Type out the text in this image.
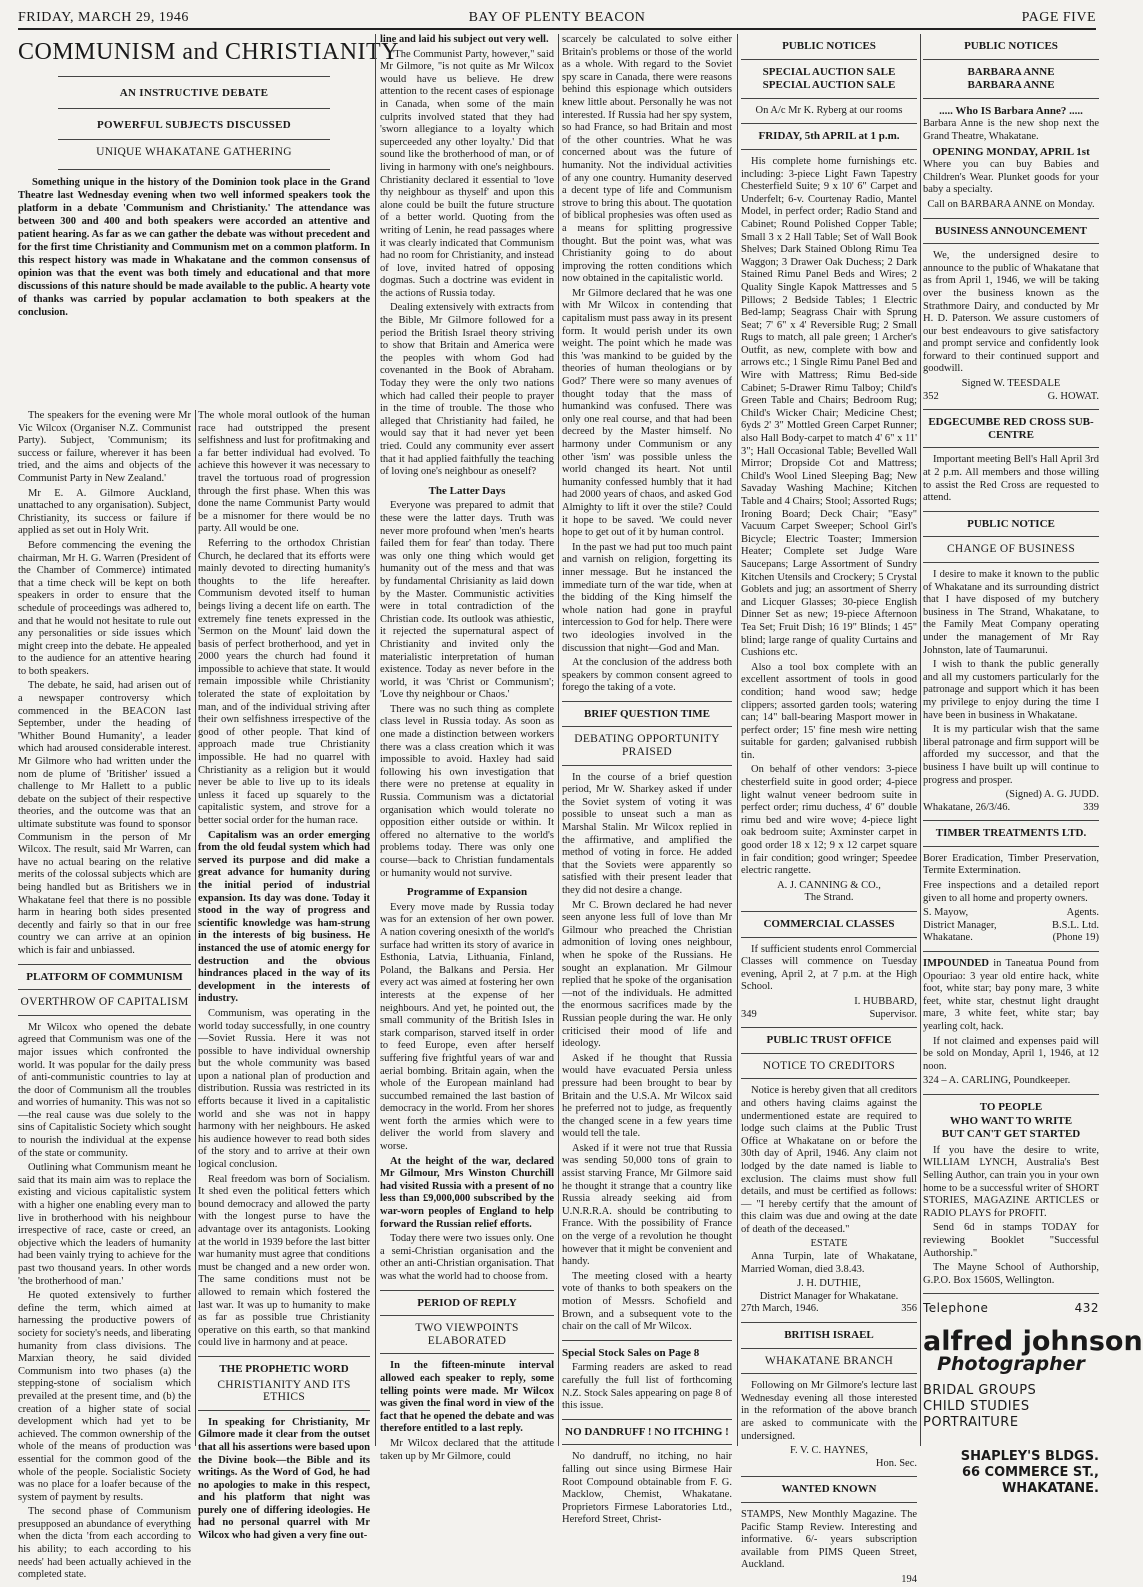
FRIDAY, MARCH 29, 1946	BAY OF PLENTY BEACON	PAGE FIVE
COMMUNISM and CHRISTIANITY
AN INSTRUCTIVE DEBATE
POWERFUL SUBJECTS DISCUSSED
UNIQUE WHAKATANE GATHERING
Something unique in the history of the Dominion took place in the Grand Theatre last Wednesday evening when two well informed speakers took the platform in a debate 'Communism and Christianity.' The attendance was between 300 and 400 and both speakers were accorded an attentive and patient hearing. As far as we can gather the debate was without precedent and for the first time Christianity and Communism met on a common platform. In this respect history was made in Whakatane and the common consensus of opinion was that the event was both timely and educational and that more discussions of this nature should be made available to the public. A hearty vote of thanks was carried by popular acclamation to both speakers at the conclusion.

The speakers for the evening were Mr Vic Wilcox (Organiser N.Z. Communist Party). Subject, 'Communism; its success or failure, wherever it has been tried, and the aims and objects of the Communist Party in New Zealand.'

Mr E. A. Gilmore Auckland, unattached to any organisation). Subject, Christianity, its success or failure if applied as set out in Holy Writ.

Before commencing the evening the chairman, Mr H. G. Warren (President of the Chamber of Commerce) intimated that a time check will be kept on both speakers in order to ensure that the schedule of proceedings was adhered to, and that he would not hesitate to rule out any personalities or side issues which might creep into the debate. He appealed to the audience for an attentive hearing to both speakers.

The debate, he said, had arisen out of a newspaper controversy which commenced in the BEACON last September, under the heading of 'Whither Bound Humanity', a leader which had aroused considerable interest. Mr Gilmore who had written under the nom de plume of 'Britisher' issued a challenge to Mr Hallett to a public debate on the subject of their respective theories, and the outcome was that an ultimate substitute was found to sponsor Communism in the person of Mr Wilcox. The result, said Mr Warren, can have no actual bearing on the relative merits of the colossal subjects which are being handled but as Britishers we in Whakatane feel that there is no possible harm in hearing both sides presented decently and fairly so that in our free country we can arrive at an opinion which is fair and unbiassed.

PLATFORM OF COMMUNISM
OVERTHROW OF CAPITALISM

Mr Wilcox who opened the debate agreed that Communism was one of the major issues which confronted the world. It was popular for the daily press of anti-communistic countries to lay at the door of Communism all the troubles and worries of humanity. This was not so—the real cause was due solely to the sins of Capitalistic Society which sought to nourish the individual at the expense of the state or community.

Outlining what Communism meant he said that its main aim was to replace the existing and vicious capitalistic system with a higher one enabling every man to live in brotherhood with his neighbour irrespective of race, caste or creed, an objective which the leaders of humanity had been vainly trying to achieve for the past two thousand years. In other words 'the brotherhood of man.'

He quoted extensively to further define the term, which aimed at harnessing the productive powers of society for society's needs, and liberating humanity from class divisions. The Marxian theory, he said divided Communism into two phases (a) the stepping-stone of socialism which prevailed at the present time, and (b) the creation of a higher state of social development which had yet to be achieved. The common ownership of the whole of the means of production was essential for the common good of the whole of the people. Socialistic Society was no place for a loafer because of the system of payment by results.

The second phase of Communism presupposed an abundance of everything when the dicta 'from each according to his ability; to each according to his needs' had been actually achieved in the completed state.

The whole moral outlook of the human race had outstripped the present selfishness and lust for profitmaking and a far better individual had evolved. To achieve this however it was necessary to travel the tortuous road of progression through the first phase. When this was done the name Communist Party would be a misnomer for there would be no party. All would be one.

Referring to the orthodox Christian Church, he declared that its efforts were mainly devoted to directing humanity's thoughts to the life hereafter. Communism devoted itself to human beings living a decent life on earth. The extremely fine tenets expressed in the 'Sermon on the Mount' laid down the basis of perfect brotherhood, and yet in 2000 years the church had found it impossible to achieve that state. It would remain impossible while Christianity tolerated the state of exploitation by man, and of the individual striving after their own selfishness irrespective of the good of other people. That kind of approach made true Christianity impossible. He had no quarrel with Christianity as a religion but it would never be able to live up to its ideals unless it faced up squarely to the capitalistic system, and strove for a better social order for the human race.

Capitalism was an order emerging from the old feudal system which had served its purpose and did make a great advance for humanity during the initial period of industrial expansion. Its day was done. Today it stood in the way of progress and scientific knowledge was ham-strung in the interests of big business. He instanced the use of atomic energy for destruction and the obvious hindrances placed in the way of its development in the interests of industry.

Communism, was operating in the world today successfully, in one country—Soviet Russia. Here it was not possible to have individual ownership but the whole community was based upon a national plan of production and distribution. Russia was restricted in its efforts because it lived in a capitalistic world and she was not in happy harmony with her neighbours. He asked his audience however to read both sides of the story and to arrive at their own logical conclusion.

Real freedom was born of Socialism. It shed even the political fetters which bound democracy and allowed the party with the longest purse to have the advantage over its antagonists. Looking at the world in 1939 before the last bitter war humanity must agree that conditions must be changed and a new order won. The same conditions must not be allowed to remain which fostered the last war. It was up to humanity to make as far as possible true Christianity operative on this earth, so that mankind could live in harmony and at peace.

THE PROPHETIC WORD
CHRISTIANITY AND ITS ETHICS

In speaking for Christianity, Mr Gilmore made it clear from the outset that all his assertions were based upon the Divine book—the Bible and its writings. As the Word of God, he had no apologies to make in this respect, and his platform that night was purely one of differing ideologies. He had no personal quarrel with Mr Wilcox who had given a very fine out-

line and laid his subject out very well.

"The Communist Party, however," said Mr Gilmore, "is not quite as Mr Wilcox would have us believe. He drew attention to the recent cases of espionage in Canada, when some of the main culprits involved stated that they had 'sworn allegiance to a loyalty which superceeded any other loyalty.' Did that sound like the brotherhood of man, or of living in harmony with one's neighbours. Christianity declared it essential to 'love thy neighbour as thyself' and upon this alone could be built the future structure of a better world. Quoting from the writing of Lenin, he read passages where it was clearly indicated that Communism had no room for Christianity, and instead of love, invited hatred of opposing dogmas. Such a doctrine was evident in the actions of Russia today.

Dealing extensively with extracts from the Bible, Mr Gilmore followed for a period the British Israel theory striving to show that Britain and America were the peoples with whom God had covenanted in the Book of Abraham. Today they were the only two nations which had called their people to prayer in the time of trouble. The those who alleged that Christianity had failed, he would say that it had never yet been tried. Could any community ever assert that it had applied faithfully the teaching of loving one's neighbour as oneself?

The Latter Days

Everyone was prepared to admit that these were the latter days. Truth was never more profound when 'men's hearts failed them for fear' than today. There was only one thing which would get humanity out of the mess and that was by fundamental Chrisianity as laid down by the Master. Communistic activities were in total contradiction of the Christian code. Its outlook was athiestic, it rejected the supernatural aspect of Christianity and invited only the materialistic interpretation of human existence. Today as never before in the world, it was 'Christ or Communism'; 'Love thy neighbour or Chaos.'

There was no such thing as complete class level in Russia today. As soon as one made a distinction between workers there was a class creation which it was impossible to avoid. Haxley had said following his own investigation that there were no pretense at equality in Russia. Communism was a dictatorial organisation which would tolerate no opposition either outside or within. It offered no alternative to the world's problems today. There was only one course—back to Christian fundamentals or humanity would not survive.

Programme of Expansion

Every move made by Russia today was for an extension of her own power. A nation covering onesixth of the world's surface had written its story of avarice in Esthonia, Latvia, Lithuania, Finland, Poland, the Balkans and Persia. Her every act was aimed at fostering her own interests at the expense of her neighbours. And yet, he pointed out, the small community of the British Isles in stark comparison, starved itself in order to feed Europe, even after herself suffering five frightful years of war and aerial bombing. Britain again, when the whole of the European mainland had succumbed remained the last bastion of democracy in the world. From her shores went forth the armies which were to deliver the world from slavery and worse.

At the height of the war, declared Mr Gilmour, Mrs Winston Churchill had visited Russia with a present of no less than £9,000,000 subscribed by the war-worn peoples of England to help forward the Russian relief efforts.

Today there were two issues only. One a semi-Christian organisation and the other an anti-Christian organisation. That was what the world had to choose from.

PERIOD OF REPLY
TWO VIEWPOINTS ELABORATED

In the fifteen-minute interval allowed each speaker to reply, some telling points were made. Mr Wilcox was given the final word in view of the fact that he opened the debate and was therefore entitled to a last reply.

Mr Wilcox declared that the attitude taken up by Mr Gilmore, could

scarcely be calculated to solve either Britain's problems or those of the world as a whole. With regard to the Soviet spy scare in Canada, there were reasons behind this espionage which outsiders knew little about. Personally he was not interested. If Russia had her spy system, so had France, so had Britain and most of the other countries. What he was concerned about was the future of humanity. Not the individual activities of any one country. Humanity deserved a decent type of life and Communism strove to bring this about. The quotation of biblical prophesies was often used as a means for splitting progressive thought. But the point was, what was Christianity going to do about improving the rotten conditions which now obtained in the capitalistic world.

Mr Gilmore declared that he was one with Mr Wilcox in contending that capitalism must pass away in its present form. It would perish under its own weight. The point which he made was this 'was mankind to be guided by the theories of human theologians or by God?' There were so many avenues of thought today that the mass of humankind was confused. There was only one real course, and that had been decreed by the Master himself. No harmony under Communism or any other 'ism' was possible unless the world changed its heart. Not until humanity confessed humbly that it had had 2000 years of chaos, and asked God Almighty to lift it over the stile? Could it hope to be saved. 'We could never hope to get out of it by human control.

In the past we had put too much paint and varnish on religion, forgetting its inner message. But he instanced the immediate turn of the war tide, when at the bidding of the King himself the whole nation had gone in prayful intercession to God for help. There were two ideologies involved in the discussion that night—God and Man.

At the conclusion of the address both speakers by common consent agreed to forego the taking of a vote.

BRIEF QUESTION TIME
DEBATING OPPORTUNITY PRAISED

In the course of a brief question period, Mr W. Sharkey asked if under the Soviet system of voting it was possible to unseat such a man as Marshal Stalin. Mr Wilcox replied in the affirmative, and amplified the method of voting in force. He added that the Soviets were apparently so satisfied with their present leader that they did not desire a change.

Mr C. Brown declared he had never seen anyone less full of love than Mr Gilmour who preached the Christian admonition of loving ones neighbour, when he spoke of the Russians. He sought an explanation. Mr Gilmour replied that he spoke of the organisation—not of the individuals. He admitted the enormous sacrifices made by the Russian people during the war. He only criticised their mood of life and ideology.

Asked if he thought that Russia would have evacuated Persia unless pressure had been brought to bear by Britain and the U.S.A. Mr Wilcox said he preferred not to judge, as frequently the changed scene in a few years time would tell the tale.

Asked if it were not true that Russia was sending 50,000 tons of grain to assist starving France, Mr Gilmore said he thought it strange that a country like Russia already seeking aid from U.N.R.R.A. should be contributing to France. With the possibility of France on the verge of a revolution he thought however that it might be convenient and handy.

The meeting closed with a hearty vote of thanks to both speakers on the motion of Messrs. Schofield and Brown, and a subsequent vote to the chair on the call of Mr Wilcox.

Special Stock Sales on Page 8

Farming readers are asked to read carefully the full list of forthcoming N.Z. Stock Sales appearing on page 8 of this issue.

NO DANDRUFF ! NO ITCHING !

No dandruff, no itching, no hair falling out since using Birmese Hair Root Compound obtainable from F. G. Macklow, Chemist, Whakatane. Proprietors Firmese Laboratories Ltd., Hereford Street, Christ-

PUBLIC NOTICES
SPECIAL AUCTION SALE
SPECIAL AUCTION SALE
On A/c Mr K. Ryberg at our rooms
FRIDAY, 5th APRIL at 1 p.m.

His complete home furnishings etc. including: 3-piece Light Fawn Tapestry Chesterfield Suite; 9 x 10' 6" Carpet and Underfelt; 6-v. Courtenay Radio, Mantel Model, in perfect order; Radio Stand and Cabinet; Round Polished Copper Table; Small 3 x 2 Hall Table; Set of Wall Book Shelves; Dark Stained Oblong Rimu Tea Waggon; 3 Drawer Oak Duchess; 2 Dark Stained Rimu Panel Beds and Wires; 2 Quality Single Kapok Mattresses and 5 Pillows; 2 Bedside Tables; 1 Electric Bed-lamp; Seagrass Chair with Sprung Seat; 7' 6" x 4' Reversible Rug; 2 Small Rugs to match, all pale green; 1 Archer's Outfit, as new, complete with bow and arrows etc.; 1 Single Rimu Panel Bed and Wire with Mattress; Rimu Bed-side Cabinet; 5-Drawer Rimu Talboy; Child's Green Table and Chairs; Bedroom Rug; Child's Wicker Chair; Medicine Chest; 6yds 2' 3" Mottled Green Carpet Runner; also Hall Body-carpet to match 4' 6" x 11' 3"; Hall Occasional Table; Bevelled Wall Mirror; Dropside Cot and Mattress; Child's Wool Lined Sleeping Bag; New Savaday Washing Machine; Kitchen Table and 4 Chairs; Stool; Assorted Rugs; Ironing Board; Deck Chair; "Easy" Vacuum Carpet Sweeper; School Girl's Bicycle; Electric Toaster; Immersion Heater; Complete set Judge Ware Saucepans; Large Assortment of Sundry Kitchen Utensils and Crockery; 5 Crystal Goblets and jug; an assortment of Sherry and Licquer Glasses; 30-piece English Dinner Set as new; 19-piece Afternoon Tea Set; Fruit Dish; 16 19" Blinds; 1 45" blind; large range of quality Curtains and Cushions etc.

Also a tool box complete with an excellent assortment of tools in good condition; hand wood saw; hedge clippers; assorted garden tools; watering can; 14" ball-bearing Masport mower in perfect order; 15' fine mesh wire netting suitable for garden; galvanised rubbish tin.

On behalf of other vendors: 3-piece chesterfield suite in good order; 4-piece light walnut veneer bedroom suite in perfect order; rimu duchess, 4' 6" double rimu bed and wire wove; 4-piece light oak bedroom suite; Axminster carpet in good order 18 x 12; 9 x 12 carpet square in fair condition; good wringer; Speedee electric rangette.

A. J. CANNING & CO.,
The Strand.
COMMERCIAL CLASSES

If sufficient students enrol Commercial Classes will commence on Tuesday evening, April 2, at 7 p.m. at the High School.

I. HUBBARD,
349	Supervisor.
PUBLIC TRUST OFFICE
NOTICE TO CREDITORS

Notice is hereby given that all creditors and others having claims against the undermentioned estate are required to lodge such claims at the Public Trust Office at Whakatane on or before the 30th day of April, 1946. Any claim not lodged by the date named is liable to exclusion. The claims must show full details, and must be certified as follows:— "I hereby certify that the amount of this claim was due and owing at the date of death of the deceased."

ESTATE

Anna Turpin, late of Whakatane, Married Woman, died 3.8.43.

J. H. DUTHIE,
District Manager for Whakatane.
27th March, 1946.	356
BRITISH ISRAEL
WHAKATANE BRANCH

Following on Mr Gilmore's lecture last Wednesday evening all those interested in the reformation of the above branch are asked to communicate with the undersigned.

F. V. C. HAYNES,
Hon. Sec.
WANTED KNOWN

STAMPS, New Monthly Magazine. The Pacific Stamp Review. Interesting and informative. 6/- years subscription available from PIMS Queen Street, Auckland.

194
PUBLIC NOTICES
BARBARA ANNE
BARBARA ANNE
..... Who IS Barbara Anne? .....

Barbara Anne is the new shop next the Grand Theatre, Whakatane.

OPENING MONDAY, APRIL 1st

Where you can buy Babies and Children's Wear. Plunket goods for your baby a specialty.

Call on BARBARA ANNE on Monday.
BUSINESS ANNOUNCEMENT

We, the undersigned desire to announce to the public of Whakatane that as from April 1, 1946, we will be taking over the business known as the Strathmore Dairy, and conducted by Mr H. D. Paterson. We assure customers of our best endeavours to give satisfactory and prompt service and confidently look forward to their continued support and goodwill.

Signed W. TEESDALE
352	G. HOWAT.
EDGECUMBE RED CROSS SUB-CENTRE

Important meeting Bell's Hall April 3rd at 2 p.m. All members and those willing to assist the Red Cross are requested to attend.

PUBLIC NOTICE
CHANGE OF BUSINESS

I desire to make it known to the public of Whakatane and its surrounding district that I have disposed of my butchery business in The Strand, Whakatane, to the Family Meat Company operating under the management of Mr Ray Johnston, late of Taumarunui.

I wish to thank the public generally and all my customers particularly for the patronage and support which it has been my privilege to enjoy during the time I have been in business in Whakatane.

It is my particular wish that the same liberal patronage and firm support will be afforded my successor, and that the business I have built up will continue to progress and prosper.

(Signed) A. G. JUDD.
Whakatane, 26/3/46.	339
TIMBER TREATMENTS LTD.

Borer Eradication, Timber Preservation, Termite Extermination.

Free inspections and a detailed report given to all home and property owners.

S. Mayow,	Agents.
District Manager,	B.S.L. Ltd.
Whakatane.	(Phone 19)

IMPOUNDED in Taneatua Pound from Opouriao: 3 year old entire hack, white foot, white star; bay pony mare, 3 white feet, white star, chestnut light draught mare, 3 white feet, white star; bay yearling colt, hack.

If not claimed and expenses paid will be sold on Monday, April 1, 1946, at 12 noon.

324 – A. CARLING, Poundkeeper.
TO PEOPLE
WHO WANT TO WRITE
BUT CAN'T GET STARTED

If you have the desire to write, WILLIAM LYNCH, Australia's Best Selling Author, can train you in your own home to be a successful writer of SHORT STORIES, MAGAZINE ARTICLES or RADIO PLAYS for PROFIT.

Send 6d in stamps TODAY for reviewing Booklet "Successful Authorship."

The Mayne School of Authorship, G.P.O. Box 1560S, Wellington.

Telephone	432
alfred johnson
Photographer
BRIDAL GROUPS
CHILD STUDIES
PORTRAITURE
SHAPLEY'S BLDGS.
66 COMMERCE ST.,
WHAKATANE.
